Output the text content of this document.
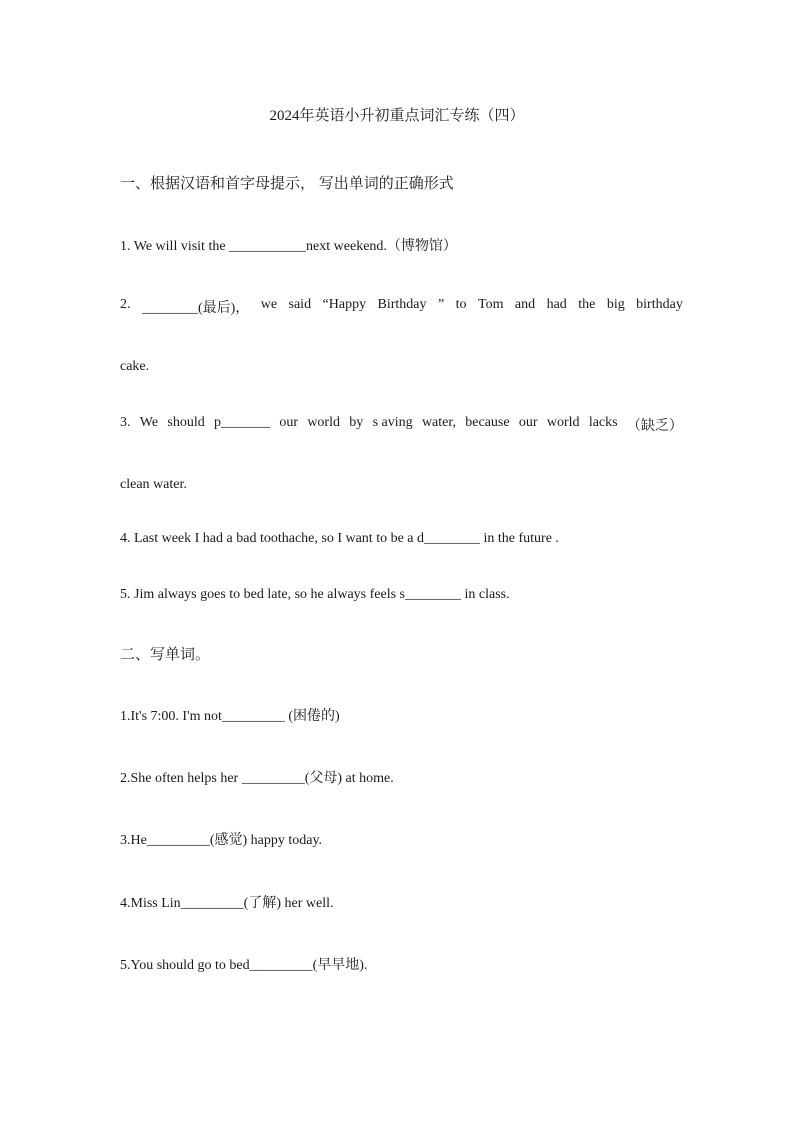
2024年英语小升初重点词汇专练（四）
一、根据汉语和首字母提示， 写出单词的正确形式
1. We will visit the ___________next weekend.（博物馆）
2. ________(最后)， we said “Happy Birthday ” to Tom and had the big birthday
cake.
3. We should p_______ our world by s aving water, because our world lacks （缺乏）
clean water.
4. Last week I had a bad toothache, so I want to be a d________ in the future .
5. Jim always goes to bed late, so he always feels s________ in class.
二、写单词。
1.It's 7:00. I'm not_________ (困倦的)
2.She often helps her _________(父母) at home.
3.He_________(感觉) happy today.
4.Miss Lin_________(了解) her well.
5.You should go to bed_________(早早地).
